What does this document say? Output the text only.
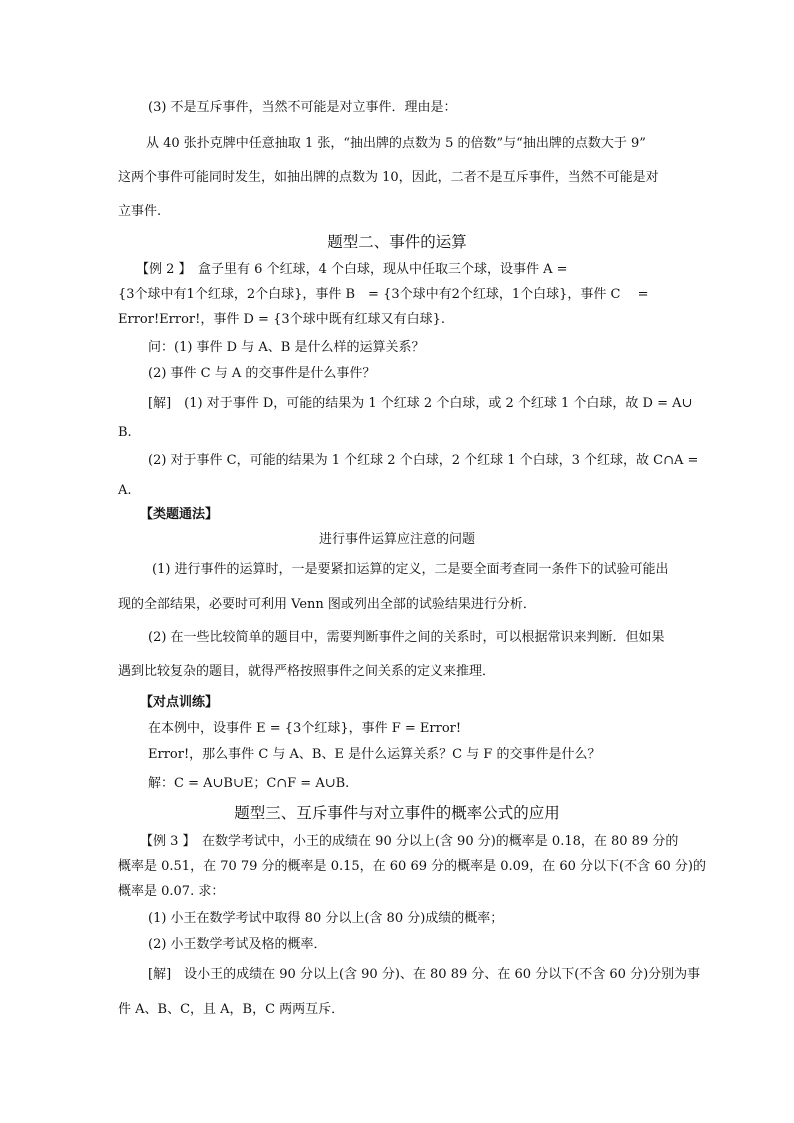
(3) 不是互斥事件，当然不可能是对立事件．理由是：
从 40 张扑克牌中任意抽取 1 张，“抽出牌的点数为 5 的倍数”与“抽出牌的点数大于 9”
这两个事件可能同时发生，如抽出牌的点数为 10，因此，二者不是互斥事件，当然不可能是对
立事件.
题型二、事件的运算
【例 2 】　盒子里有 6 个红球，4 个白球，现从中任取三个球，设事件 A =
{3个球中有1个红球，2个白球}，事件 B　= {3个球中有2个红球，1个白球}，事件 C　 =
Error!Error!，事件 D = {3个球中既有红球又有白球}.
问：(1) 事件 D 与 A、B 是什么样的运算关系？
(2) 事件 C 与 A 的交事件是什么事件？
[解]　(1) 对于事件 D，可能的结果为 1 个红球 2 个白球，或 2 个红球 1 个白球，故 D = A∪
B.
(2) 对于事件 C，可能的结果为 1 个红球 2 个白球，2 个红球 1 个白球，3 个红球，故 C∩A =
A.
【类题通法】
进行事件运算应注意的问题
(1) 进行事件的运算时，一是要紧扣运算的定义，二是要全面考查同一条件下的试验可能出
现的全部结果，必要时可利用 Venn 图或列出全部的试验结果进行分析．
(2) 在一些比较简单的题目中，需要判断事件之间的关系时，可以根据常识来判断．但如果
遇到比较复杂的题目，就得严格按照事件之间关系的定义来推理．
【对点训练】
在本例中，设事件 E = {3个红球}，事件 F = Error!
Error!，那么事件 C 与 A、B、E 是什么运算关系？C 与 F 的交事件是什么？
解：C = A∪B∪E；C∩F = A∪B.
题型三、互斥事件与对立事件的概率公式的应用
【例 3 】　在数学考试中，小王的成绩在 90 分以上(含 90 分)的概率是 0.18，在 80 89 分的
概率是 0.51，在 70 79 分的概率是 0.15，在 60 69 分的概率是 0.09，在 60 分以下(不含 60 分)的
概率是 0.07. 求：
(1) 小王在数学考试中取得 80 分以上(含 80 分)成绩的概率；
(2) 小王数学考试及格的概率．
[解]　设小王的成绩在 90 分以上(含 90 分)、在 80 89 分、在 60 分以下(不含 60 分)分别为事
件 A、B、C，且 A，B，C 两两互斥．
